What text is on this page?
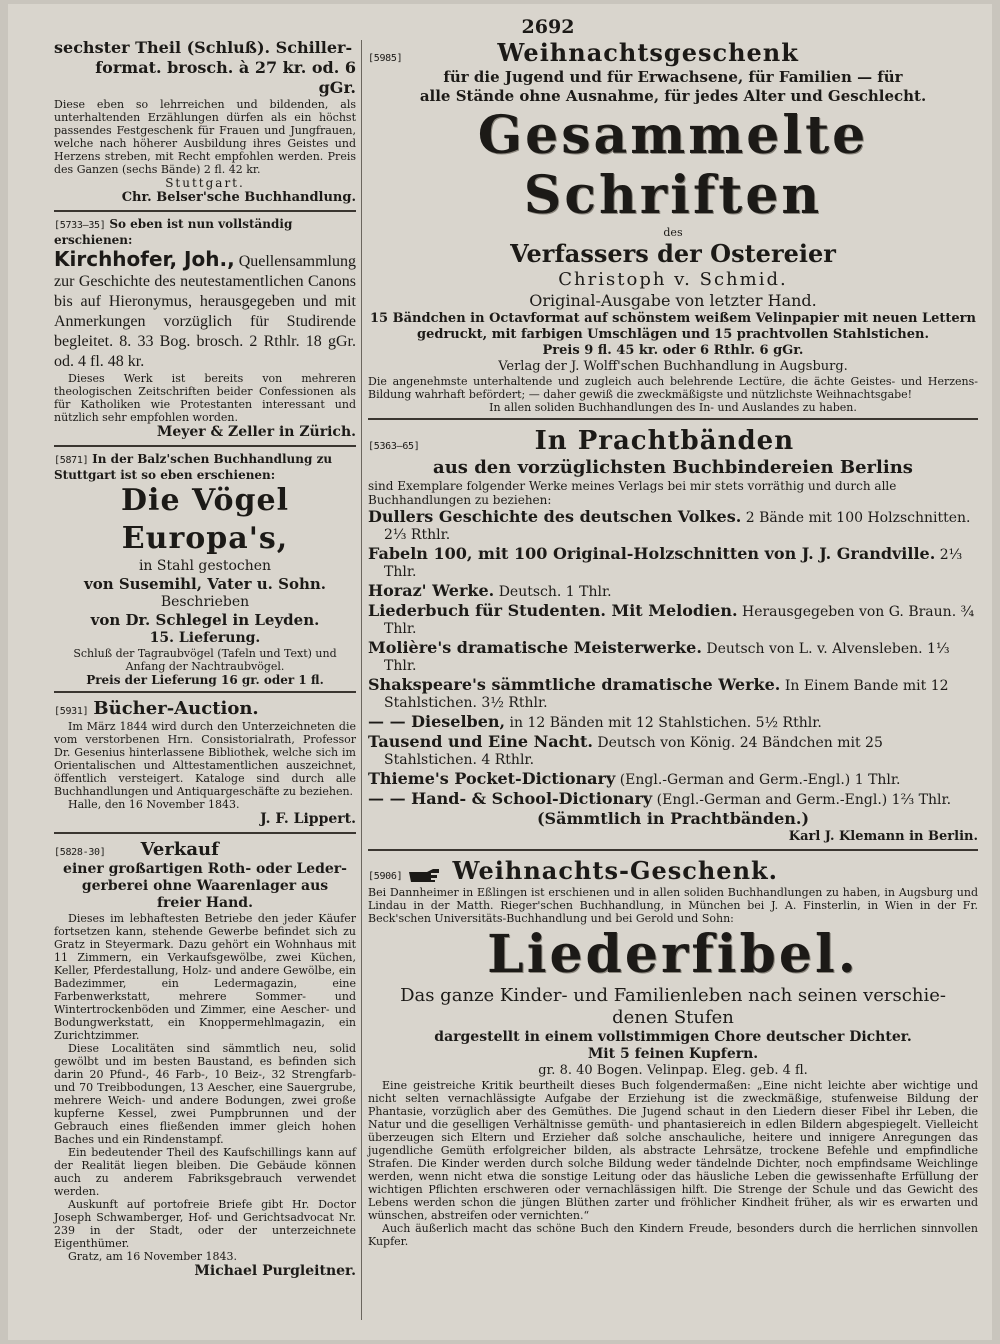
2692

sechster Theil (Schluß). Schiller-

format. brosch. à 27 kr. od. 6 gGr.

Diese eben so lehrreichen und bildenden, als unterhaltenden Erzählungen dürfen als ein höchst passendes Festgeschenk für Frauen und Jungfrauen, welche nach höherer Ausbildung ihres Geistes und Herzens streben, mit Recht empfohlen werden. Preis des Ganzen (sechs Bände) 2 fl. 42 kr.

Stuttgart.

Chr. Belser'sche Buchhandlung.

[5733—35] So eben ist nun vollständig erschienen:

Kirchhofer, Joh., Quellensammlung zur Geschichte des neutestamentlichen Canons bis auf Hieronymus, herausgegeben und mit Anmerkungen vorzüglich für Studirende begleitet. 8. 33 Bog. brosch. 2 Rthlr. 18 gGr. od. 4 fl. 48 kr.

Dieses Werk ist bereits von mehreren theologischen Zeitschriften beider Confessionen als für Katholiken wie Protestanten interessant und nützlich sehr empfohlen worden.

Meyer & Zeller in Zürich.

[5871] In der Balz'schen Buchhandlung zu Stuttgart ist so eben erschienen:

Die Vögel Europa's,

in Stahl gestochen

von Susemihl, Vater u. Sohn.

Beschrieben

von Dr. Schlegel in Leyden.

15. Lieferung.

Schluß der Tagraubvögel (Tafeln und Text) und Anfang der Nachtraubvögel.

Preis der Lieferung 16 gr. oder 1 fl.

[5931] Bücher-Auction.

Im März 1844 wird durch den Unterzeichneten die vom verstorbenen Hrn. Consistorialrath, Professor Dr. Gesenius hinterlassene Bibliothek, welche sich im Orientalischen und Alttestamentlichen auszeichnet, öffentlich versteigert. Kataloge sind durch alle Buchhandlungen und Antiquargeschäfte zu beziehen.

Halle, den 16 November 1843.

J. F. Lippert.

[5828-30] Verkauf

einer großartigen Roth- oder Leder-

gerberei ohne Waarenlager aus

freier Hand.

Dieses im lebhaftesten Betriebe den jeder Käufer fortsetzen kann, stehende Gewerbe befindet sich zu Gratz in Steyermark. Dazu gehört ein Wohnhaus mit 11 Zimmern, ein Verkaufsgewölbe, zwei Küchen, Keller, Pferdestallung, Holz- und andere Gewölbe, ein Badezimmer, ein Ledermagazin, eine Farbenwerkstatt, mehrere Sommer- und Wintertrockenböden und Zimmer, eine Aescher- und Bodungwerkstatt, ein Knoppermehlmagazin, ein Zurichtzimmer.

Diese Localitäten sind sämmtlich neu, solid gewölbt und im besten Baustand, es befinden sich darin 20 Pfund-, 46 Farb-, 10 Beiz-, 32 Strengfarb- und 70 Treibbodungen, 13 Aescher, eine Sauergrube, mehrere Weich- und andere Bodungen, zwei große kupferne Kessel, zwei Pumpbrunnen und der Gebrauch eines fließenden immer gleich hohen Baches und ein Rindenstampf.

Ein bedeutender Theil des Kaufschillings kann auf der Realität liegen bleiben. Die Gebäude können auch zu anderem Fabriksgebrauch verwendet werden.

Auskunft auf portofreie Briefe gibt Hr. Doctor Joseph Schwamberger, Hof- und Gerichtsadvocat Nr. 239 in der Stadt, oder der unterzeichnete Eigenthümer.

Gratz, am 16 November 1843.

Michael Purgleitner.

[5985]	Weihnachtsgeschenk

für die Jugend und für Erwachsene, für Familien — für

alle Stände ohne Ausnahme, für jedes Alter und Geschlecht.

Gesammelte Schriften

des

Verfassers der Ostereier

Christoph v. Schmid.

Original-Ausgabe von letzter Hand.

15 Bändchen in Octavformat auf schönstem weißem Velinpapier mit neuen Lettern gedruckt, mit farbigen Umschlägen und 15 prachtvollen Stahlstichen.

Preis 9 fl. 45 kr. oder 6 Rthlr. 6 gGr.

Verlag der J. Wolff'schen Buchhandlung in Augsburg.

Die angenehmste unterhaltende und zugleich auch belehrende Lectüre, die ächte Geistes- und Herzens-Bildung wahrhaft befördert; — daher gewiß die zweckmäßigste und nützlichste Weihnachtsgabe!

In allen soliden Buchhandlungen des In- und Auslandes zu haben.

[5363—65]	In Prachtbänden

aus den vorzüglichsten Buchbindereien Berlins

sind Exemplare folgender Werke meines Verlags bei mir stets vorräthig und durch alle Buchhandlungen zu beziehen:

Dullers Geschichte des deutschen Volkes. 2 Bände mit 100 Holzschnitten. 2⅓ Rthlr.

Fabeln 100, mit 100 Original-Holzschnitten von J. J. Grandville. 2⅓ Thlr.

Horaz' Werke. Deutsch. 1 Thlr.

Liederbuch für Studenten. Mit Melodien. Herausgegeben von G. Braun. ¾ Thlr.

Molière's dramatische Meisterwerke. Deutsch von L. v. Alvensleben. 1⅓ Thlr.

Shakspeare's sämmtliche dramatische Werke. In Einem Bande mit 12 Stahlstichen. 3½ Rthlr.

— — Dieselben, in 12 Bänden mit 12 Stahlstichen. 5½ Rthlr.

Tausend und Eine Nacht. Deutsch von König. 24 Bändchen mit 25 Stahlstichen. 4 Rthlr.

Thieme's Pocket-Dictionary (Engl.-German and Germ.-Engl.) 1 Thlr.

— — Hand- & School-Dictionary (Engl.-German and Germ.-Engl.) 1⅔ Thlr.

(Sämmtlich in Prachtbänden.)

Karl J. Klemann in Berlin.

[5906] Weihnachts-Geschenk.

Bei Dannheimer in Eßlingen ist erschienen und in allen soliden Buchhandlungen zu haben, in Augsburg und Lindau in der Matth. Rieger'schen Buchhandlung, in München bei J. A. Finsterlin, in Wien in der Fr. Beck'schen Universitäts-Buchhandlung und bei Gerold und Sohn:

Liederfibel.

Das ganze Kinder- und Familienleben nach seinen verschie-

denen Stufen

dargestellt in einem vollstimmigen Chore deutscher Dichter.

Mit 5 feinen Kupfern.

gr. 8. 40 Bogen. Velinpap. Eleg. geb. 4 fl.

Eine geistreiche Kritik beurtheilt dieses Buch folgendermaßen: „Eine nicht leichte aber wichtige und nicht selten vernachlässigte Aufgabe der Erziehung ist die zweckmäßige, stufenweise Bildung der Phantasie, vorzüglich aber des Gemüthes. Die Jugend schaut in den Liedern dieser Fibel ihr Leben, die Natur und die geselligen Verhältnisse gemüth- und phantasiereich in edlen Bildern abgespiegelt. Vielleicht überzeugen sich Eltern und Erzieher daß solche anschauliche, heitere und innigere Anregungen das jugendliche Gemüth erfolgreicher bilden, als abstracte Lehrsätze, trockene Befehle und empfindliche Strafen. Die Kinder werden durch solche Bildung weder tändelnde Dichter, noch empfindsame Weichlinge werden, wenn nicht etwa die sonstige Leitung oder das häusliche Leben die gewissenhafte Erfüllung der wichtigen Pflichten erschweren oder vernachlässigen hilft. Die Strenge der Schule und das Gewicht des Lebens werden schon die jüngen Blüthen zarter und fröhlicher Kindheit früher, als wir es erwarten und wünschen, abstreifen oder vernichten.“

Auch äußerlich macht das schöne Buch den Kindern Freude, besonders durch die herrlichen sinnvollen Kupfer.
